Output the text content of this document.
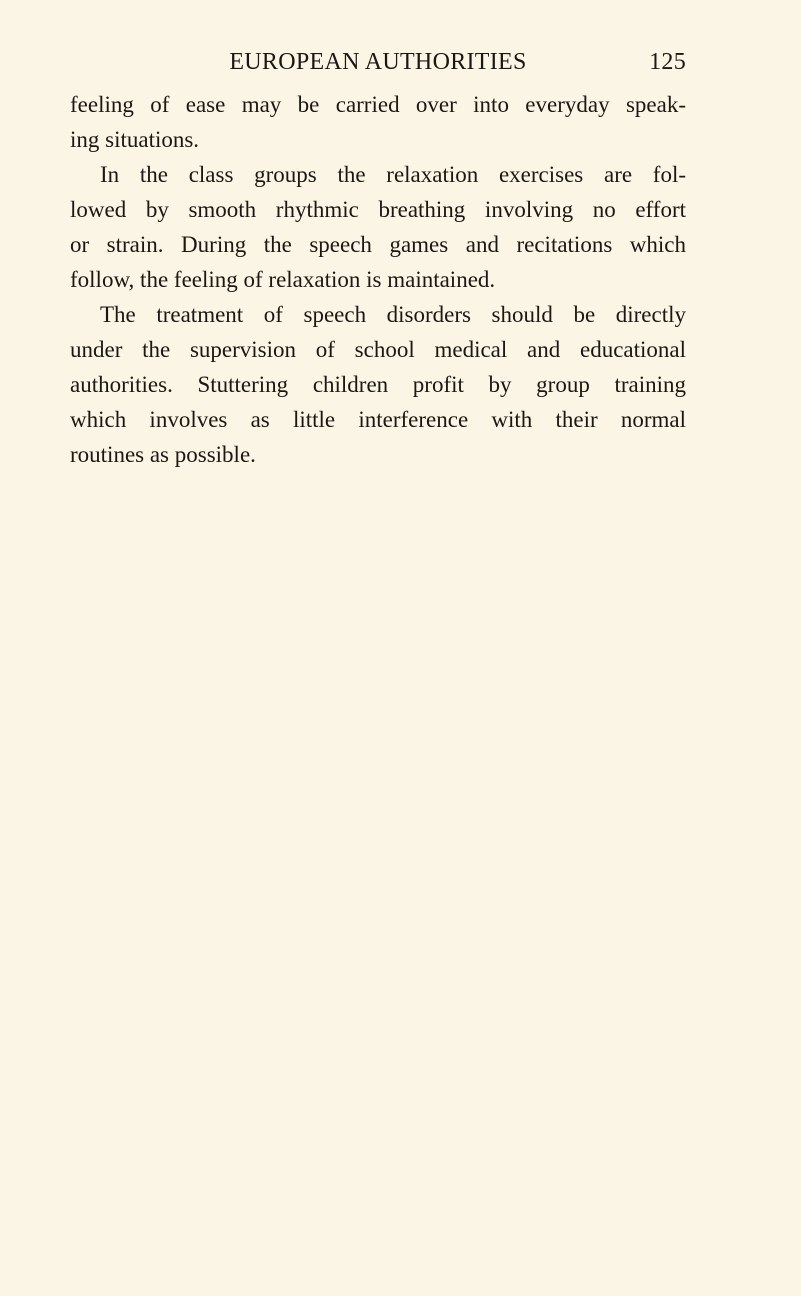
EUROPEAN AUTHORITIES	125
feeling of ease may be carried over into everyday speak-
ing situations.
In the class groups the relaxation exercises are fol-
lowed by smooth rhythmic breathing involving no effort
or strain. During the speech games and recitations which
follow, the feeling of relaxation is maintained.
The treatment of speech disorders should be directly
under the supervision of school medical and educational
authorities. Stuttering children profit by group training
which involves as little interference with their normal
routines as possible.
